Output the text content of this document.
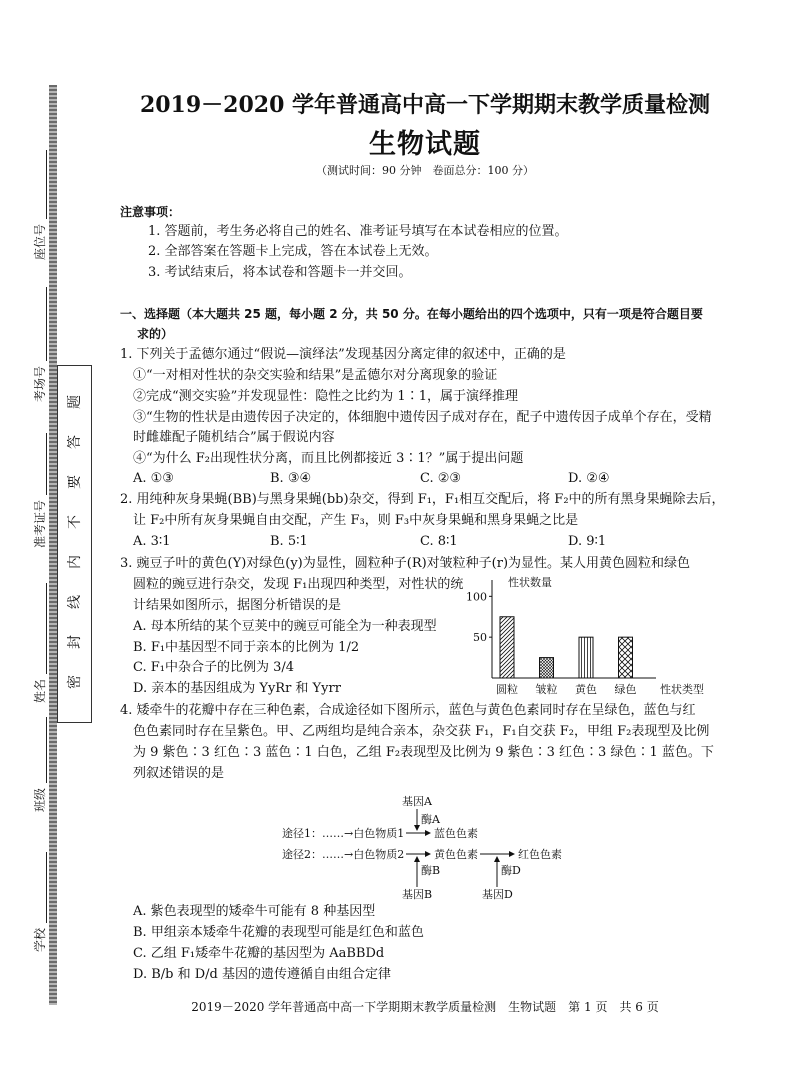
密
封
线
内
不
要
答
题
学校
班级
姓名
准考证号
考场号
座位号
2019－2020 学年普通高中高一下学期期末教学质量检测
生物试题
（测试时间：90 分钟　卷面总分：100 分）
注意事项：
1. 答题前，考生务必将自己的姓名、准考证号填写在本试卷相应的位置。
2. 全部答案在答题卡上完成，答在本试卷上无效。
3. 考试结束后，将本试卷和答题卡一并交回。
一、选择题（本大题共 25 题，每小题 2 分，共 50 分。在每小题给出的四个选项中，只有一项是符合题目要
求的）
1. 下列关于孟德尔通过“假说—演绎法”发现基因分离定律的叙述中，正确的是
①“一对相对性状的杂交实验和结果”是孟德尔对分离现象的验证
②完成“测交实验”并发现显性：隐性之比约为 1∶1，属于演绎推理
③“生物的性状是由遗传因子决定的，体细胞中遗传因子成对存在，配子中遗传因子成单个存在，受精
时雌雄配子随机结合”属于假说内容
④“为什么 F₂出现性状分离，而且比例都接近 3∶1？”属于提出问题
A. ①③	B. ③④	C. ②③	D. ②④
2. 用纯种灰身果蝇(BB)与黑身果蝇(bb)杂交，得到 F₁，F₁相互交配后，将 F₂中的所有黑身果蝇除去后，
让 F₂中所有灰身果蝇自由交配，产生 F₃，则 F₃中灰身果蝇和黑身果蝇之比是
A. 3∶1	B. 5∶1	C. 8∶1	D. 9∶1
3. 豌豆子叶的黄色(Y)对绿色(y)为显性，圆粒种子(R)对皱粒种子(r)为显性。某人用黄色圆粒和绿色
圆粒的豌豆进行杂交，发现 F₁出现四种类型，对性状的统
计结果如图所示，据图分析错误的是
A. 母本所结的某个豆荚中的豌豆可能全为一种表现型
B. F₁中基因型不同于亲本的比例为 1/2
C. F₁中杂合子的比例为 3/4
D. 亲本的基因组成为 YyRr 和 Yyrr
性状数量
性状类型
50
100
圆粒 皱粒 黄色 绿色
4. 矮牵牛的花瓣中存在三种色素，合成途径如下图所示，蓝色与黄色色素同时存在呈绿色，蓝色与红
色色素同时存在呈紫色。甲、乙两组均是纯合亲本，杂交获 F₁，F₁自交获 F₂，甲组 F₂表现型及比例
为 9 紫色∶3 红色∶3 蓝色∶1 白色，乙组 F₂表现型及比例为 9 紫色∶3 红色∶3 绿色∶1 蓝色。下
列叙述错误的是
基因A
酶A
途径1：……→白色物质1	蓝色色素
途径2：……→白色物质2	黄色色素	红色色素
酶B
基因B
酶D
基因D
A. 紫色表现型的矮牵牛可能有 8 种基因型
B. 甲组亲本矮牵牛花瓣的表现型可能是红色和蓝色
C. 乙组 F₁矮牵牛花瓣的基因型为 AaBBDd
D. B/b 和 D/d 基因的遗传遵循自由组合定律
2019－2020 学年普通高中高一下学期期末教学质量检测　生物试题　第 1 页　共 6 页
